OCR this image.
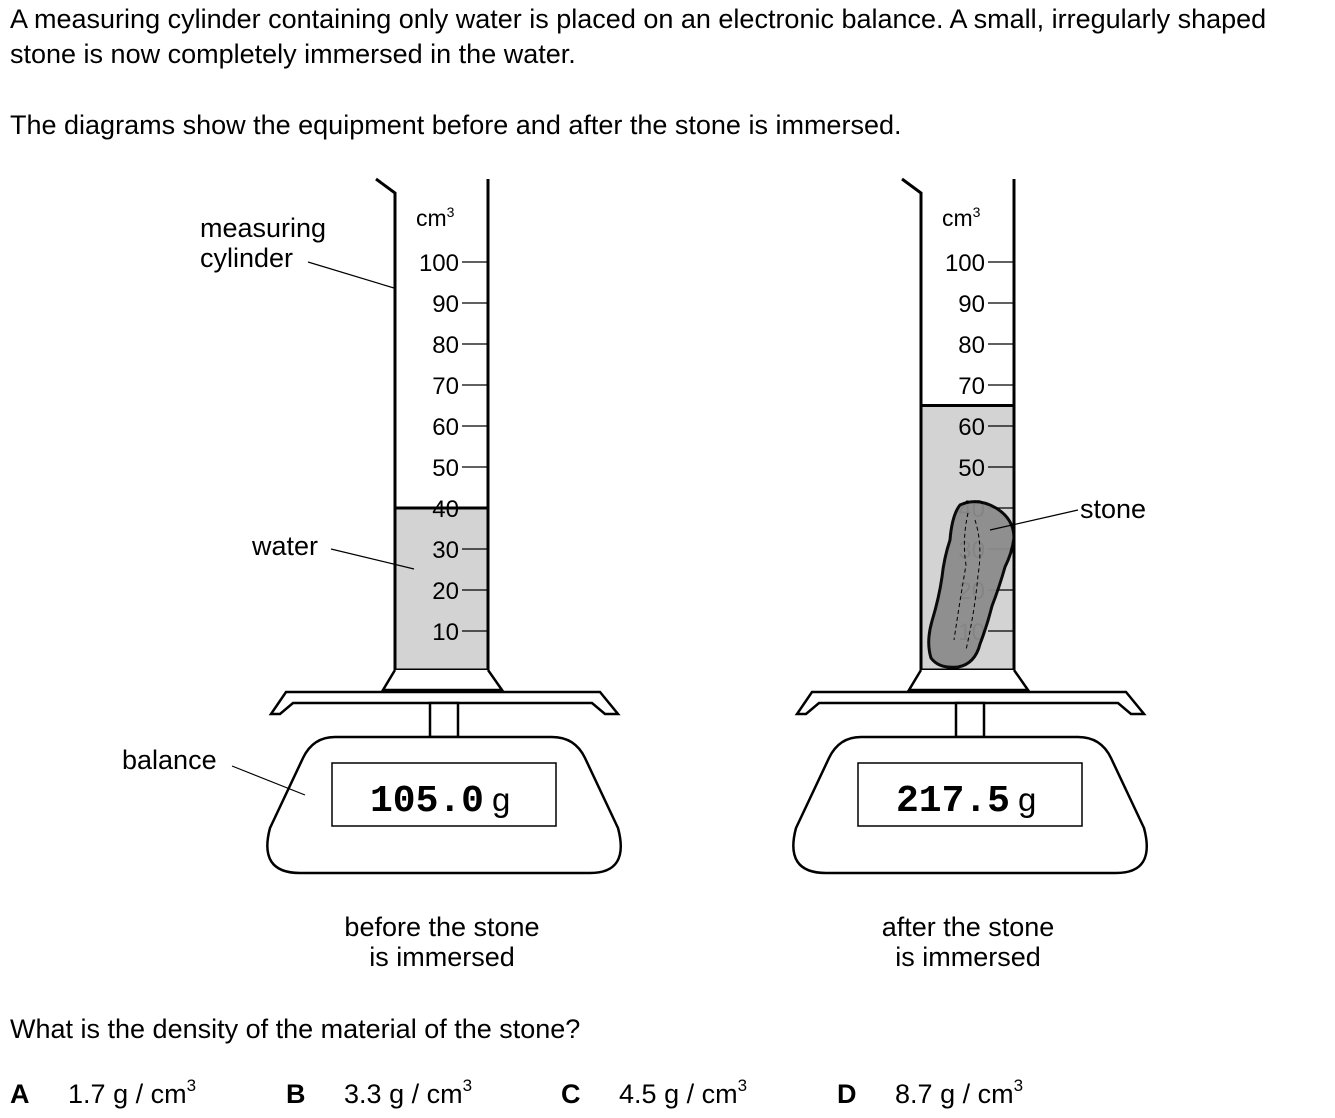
A measuring cylinder containing only water is placed on an electronic balance. A small, irregularly shaped stone is now completely immersed in the water.

The diagrams show the equipment before and after the stone is immersed.

$cm^3$
100
90
80
70
60
50
40
30
20
10
105.0 g
before the stone
is immersed
measuring
cylinder
water
balance
$cm^3$
100
90
80
70
60
50
217.5 g
after the stone
is immersed
stone

What is the density of the material of the stone?

A 1.7 g / $cm^3$	B 3.3 g / $cm^3$	C 4.5 g / $cm^3$	D 8.7 g / $cm^3$
